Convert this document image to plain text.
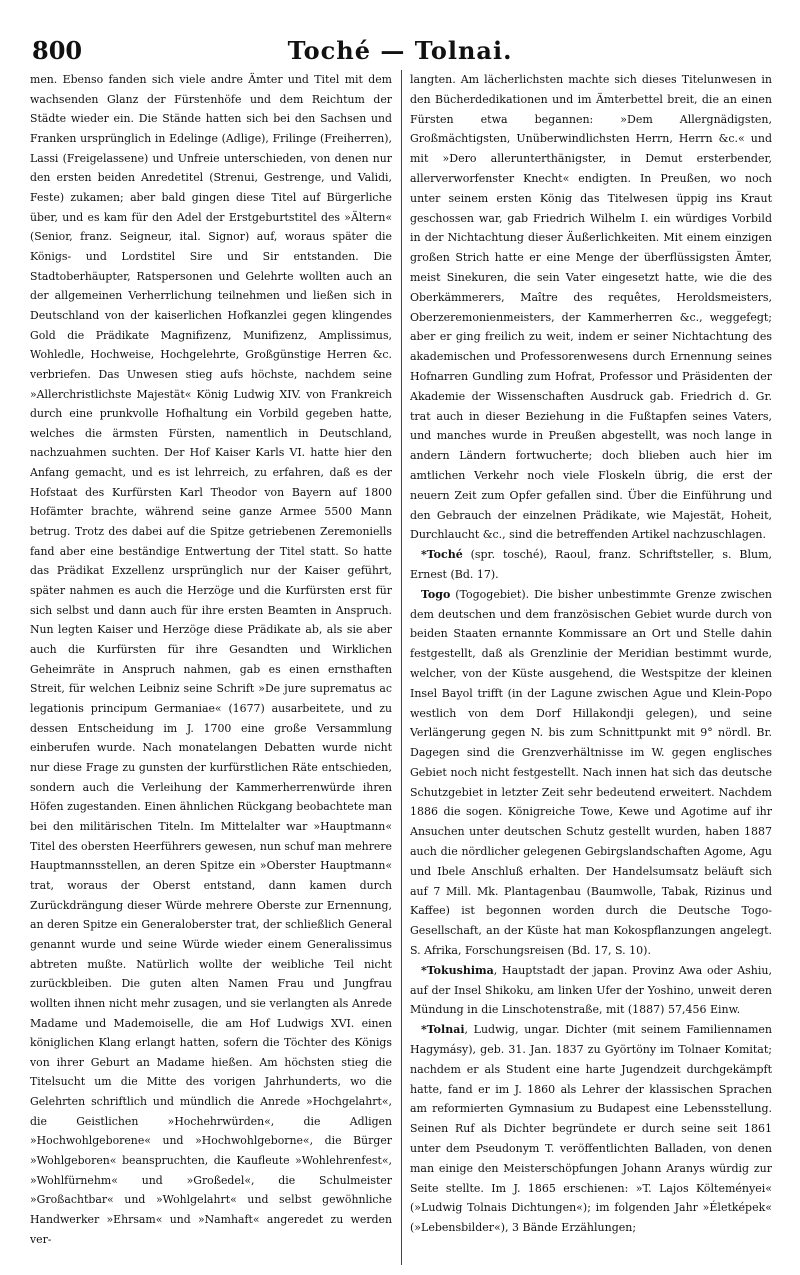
800	Toché — Tolnai.

men. Ebenso fanden sich viele andre Ämter und Titel mit dem wachsenden Glanz der Fürstenhöfe und dem Reichtum der Städte wieder ein. Die Stände hatten sich bei den Sachsen und Franken ursprünglich in Edelinge (Adlige), Frilinge (Freiherren), Lassi (Freigelassene) und Unfreie unterschieden, von denen nur den ersten beiden Anredetitel (Strenui, Gestrenge, und Validi, Feste) zukamen; aber bald gingen diese Titel auf Bürgerliche über, und es kam für den Adel der Erstgeburtstitel des »Ältern« (Senior, franz. Seigneur, ital. Signor) auf, woraus später die Königs- und Lordstitel Sire und Sir entstanden. Die Stadtoberhäupter, Ratspersonen und Gelehrte wollten auch an der allgemeinen Verherrlichung teilnehmen und ließen sich in Deutschland von der kaiserlichen Hofkanzlei gegen klingendes Gold die Prädikate Magnifizenz, Munifizenz, Amplissimus, Wohledle, Hochweise, Hochgelehrte, Großgünstige Herren &c. verbriefen. Das Unwesen stieg aufs höchste, nachdem seine »Allerchristlichste Majestät« König Ludwig XIV. von Frankreich durch eine prunkvolle Hofhaltung ein Vorbild gegeben hatte, welches die ärmsten Fürsten, namentlich in Deutschland, nachzuahmen suchten. Der Hof Kaiser Karls VI. hatte hier den Anfang gemacht, und es ist lehrreich, zu erfahren, daß es der Hofstaat des Kurfürsten Karl Theodor von Bayern auf 1800 Hofämter brachte, während seine ganze Armee 5500 Mann betrug. Trotz des dabei auf die Spitze getriebenen Zeremoniells fand aber eine beständige Entwertung der Titel statt. So hatte das Prädikat Exzellenz ursprünglich nur der Kaiser geführt, später nahmen es auch die Herzöge und die Kurfürsten erst für sich selbst und dann auch für ihre ersten Beamten in Anspruch. Nun legten Kaiser und Herzöge diese Prädikate ab, als sie aber auch die Kurfürsten für ihre Gesandten und Wirklichen Geheimräte in Anspruch nahmen, gab es einen ernsthaften Streit, für welchen Leibniz seine Schrift »De jure suprematus ac legationis principum Germaniae« (1677) ausarbeitete, und zu dessen Entscheidung im J. 1700 eine große Versammlung einberufen wurde. Nach monatelangen Debatten wurde nicht nur diese Frage zu gunsten der kurfürstlichen Räte entschieden, sondern auch die Verleihung der Kammerherrenwürde ihren Höfen zugestanden. Einen ähnlichen Rückgang beobachtete man bei den militärischen Titeln. Im Mittelalter war »Hauptmann« Titel des obersten Heerführers gewesen, nun schuf man mehrere Hauptmannsstellen, an deren Spitze ein »Oberster Hauptmann« trat, woraus der Oberst entstand, dann kamen durch Zurückdrängung dieser Würde mehrere Oberste zur Ernennung, an deren Spitze ein Generaloberster trat, der schließlich General genannt wurde und seine Würde wieder einem Generalissimus abtreten mußte. Natürlich wollte der weibliche Teil nicht zurückbleiben. Die guten alten Namen Frau und Jungfrau wollten ihnen nicht mehr zusagen, und sie verlangten als Anrede Madame und Mademoiselle, die am Hof Ludwigs XVI. einen königlichen Klang erlangt hatten, sofern die Töchter des Königs von ihrer Geburt an Madame hießen. Am höchsten stieg die Titelsucht um die Mitte des vorigen Jahrhunderts, wo die Gelehrten schriftlich und mündlich die Anrede »Hochgelahrt«, die Geistlichen »Hochehrwürden«, die Adligen »Hochwohlgeborene« und »Hochwohlgeborne«, die Bürger »Wohlgeboren« beanspruchten, die Kaufleute »Wohlehrenfest«, »Wohlfürnehm« und »Großedel«, die Schulmeister »Großachtbar« und »Wohlgelahrt« und selbst gewöhnliche Handwerker »Ehrsam« und »Namhaft« angeredet zu werden ver-

langten. Am lächerlichsten machte sich dieses Titelunwesen in den Bücherdedikationen und im Ämterbettel breit, die an einen Fürsten etwa begannen: »Dem Allergnädigsten, Großmächtigsten, Unüberwindlichsten Herrn, Herrn &c.« und mit »Dero allerunterthänigster, in Demut ersterbender, allerverworfenster Knecht« endigten. In Preußen, wo noch unter seinem ersten König das Titelwesen üppig ins Kraut geschossen war, gab Friedrich Wilhelm I. ein würdiges Vorbild in der Nichtachtung dieser Äußerlichkeiten. Mit einem einzigen großen Strich hatte er eine Menge der überflüssigsten Ämter, meist Sinekuren, die sein Vater eingesetzt hatte, wie die des Oberkämmerers, Maître des requêtes, Heroldsmeisters, Oberzeremonienmeisters, der Kammerherren &c., weggefegt; aber er ging freilich zu weit, indem er seiner Nichtachtung des akademischen und Professorenwesens durch Ernennung seines Hofnarren Gundling zum Hofrat, Professor und Präsidenten der Akademie der Wissenschaften Ausdruck gab. Friedrich d. Gr. trat auch in dieser Beziehung in die Fußtapfen seines Vaters, und manches wurde in Preußen abgestellt, was noch lange in andern Ländern fortwucherte; doch blieben auch hier im amtlichen Verkehr noch viele Floskeln übrig, die erst der neuern Zeit zum Opfer gefallen sind. Über die Einführung und den Gebrauch der einzelnen Prädikate, wie Majestät, Hoheit, Durchlaucht &c., sind die betreffenden Artikel nachzuschlagen.
 *Toché (spr. tosché), Raoul, franz. Schriftsteller, s. Blum, Ernest (Bd. 17).
 Togo (Togogebiet). Die bisher unbestimmte Grenze zwischen dem deutschen und dem französischen Gebiet wurde durch von beiden Staaten ernannte Kommissare an Ort und Stelle dahin festgestellt, daß als Grenzlinie der Meridian bestimmt wurde, welcher, von der Küste ausgehend, die Westspitze der kleinen Insel Bayol trifft (in der Lagune zwischen Ague und Klein-Popo westlich von dem Dorf Hillakondji gelegen), und seine Verlängerung gegen N. bis zum Schnittpunkt mit 9° nördl. Br. Dagegen sind die Grenzverhältnisse im W. gegen englisches Gebiet noch nicht festgestellt. Nach innen hat sich das deutsche Schutzgebiet in letzter Zeit sehr bedeutend erweitert. Nachdem 1886 die sogen. Königreiche Towe, Kewe und Agotime auf ihr Ansuchen unter deutschen Schutz gestellt wurden, haben 1887 auch die nördlicher gelegenen Gebirgslandschaften Agome, Agu und Ibele Anschluß erhalten. Der Handelsumsatz beläuft sich auf 7 Mill. Mk. Plantagenbau (Baumwolle, Tabak, Rizinus und Kaffee) ist begonnen worden durch die Deutsche Togo-Gesellschaft, an der Küste hat man Kokospflanzungen angelegt. S. Afrika, Forschungsreisen (Bd. 17, S. 10).
 *Tokushima, Hauptstadt der japan. Provinz Awa oder Ashiu, auf der Insel Shikoku, am linken Ufer der Yoshino, unweit deren Mündung in die Linschotenstraße, mit (1887) 57,456 Einw.
 *Tolnai, Ludwig, ungar. Dichter (mit seinem Familiennamen Hagymásy), geb. 31. Jan. 1837 zu Györtöny im Tolnaer Komitat; nachdem er als Student eine harte Jugendzeit durchgekämpft hatte, fand er im J. 1860 als Lehrer der klassischen Sprachen am reformierten Gymnasium zu Budapest eine Lebensstellung. Seinen Ruf als Dichter begründete er durch seine seit 1861 unter dem Pseudonym T. veröffentlichten Balladen, von denen man einige den Meisterschöpfungen Johann Aranys würdig zur Seite stellte. Im J. 1865 erschienen: »T. Lajos Költeményei« (»Ludwig Tolnais Dichtungen«); im folgenden Jahr »Életképek« (»Lebensbilder«), 3 Bände Erzählungen;
